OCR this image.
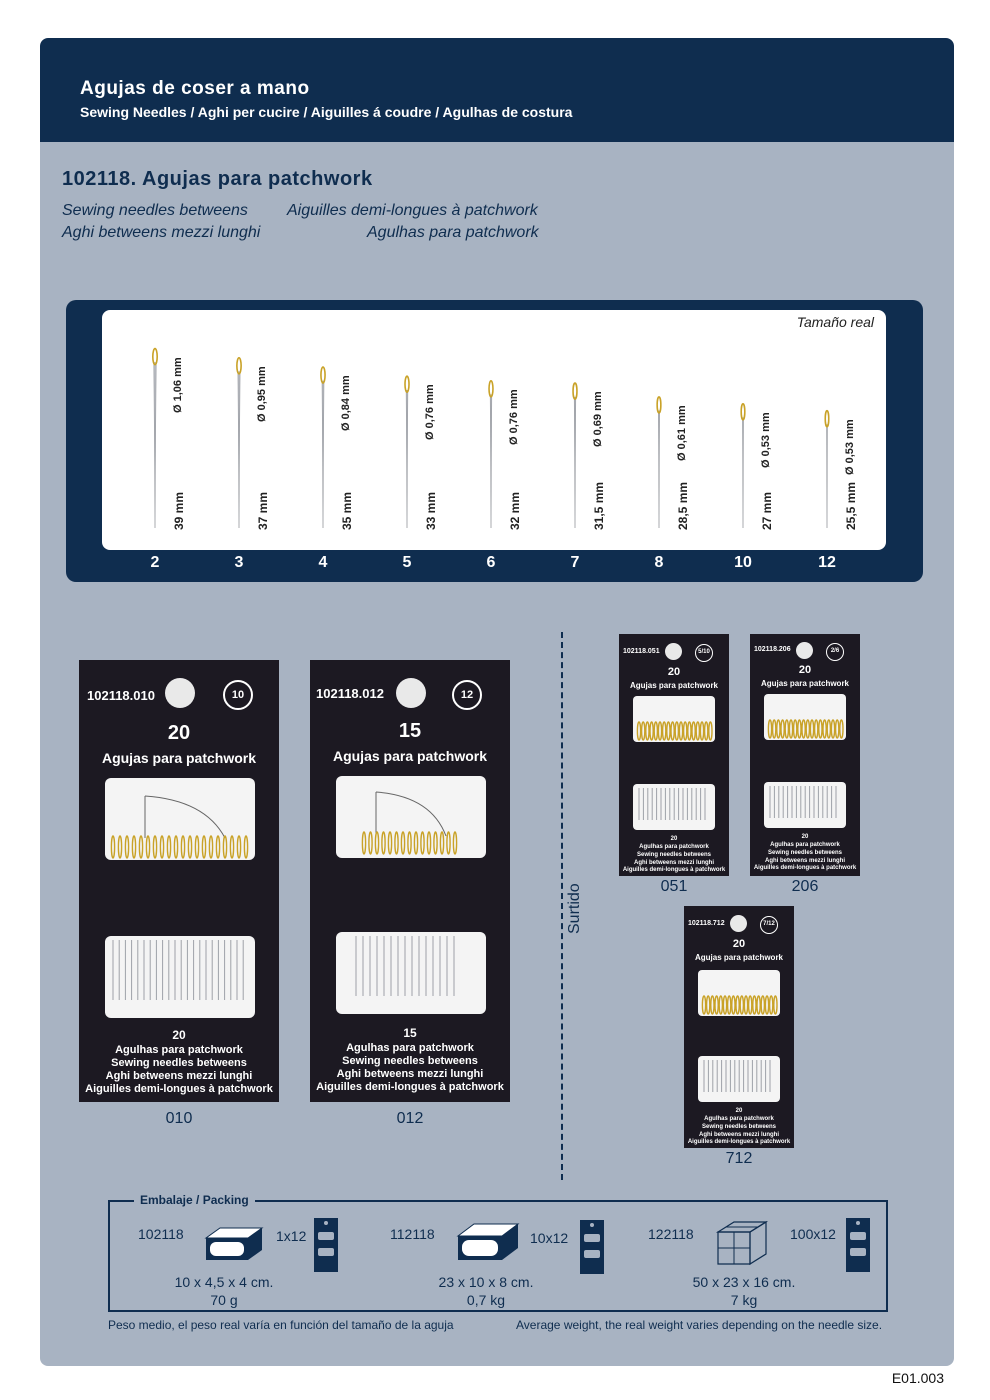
Agujas de coser a mano
Sewing Needles / Aghi per cucire / Aiguilles á coudre / Agulhas de costura
102118. Agujas para patchwork
Sewing needles betweens Aiguilles demi-longues à patchwork
Aghi betweens mezzi lunghi	Agulhas para patchwork
Tamaño real
Ø 1,06 mm
39 mm
Ø 0,95 mm
37 mm
Ø 0,84 mm
35 mm
Ø 0,76 mm
33 mm
Ø 0,76 mm
32 mm
Ø 0,69 mm
31,5 mm
Ø 0,61 mm
28,5 mm
Ø 0,53 mm
27 mm
Ø 0,53 mm
25,5 mm
2	3	4	5	6	7	8	10	12
102118.010	10
20
Agujas para patchwork
20
Agulhas para patchwork
Sewing needles betweens
Aghi betweens mezzi lunghi
Aiguilles demi-longues à patchwork
010
102118.012	12
15
Agujas para patchwork
15
Agulhas para patchwork
Sewing needles betweens
Aghi betweens mezzi lunghi
Aiguilles demi-longues à patchwork
012
Surtido
102118.051	5/10
20
Agujas para patchwork
20
Agulhas para patchwork
Sewing needles betweens
Aghi betweens mezzi lunghi
Aiguilles demi-longues à patchwork
051
102118.206	2/6
20
Agujas para patchwork
20
Agulhas para patchwork
Sewing needles betweens
Aghi betweens mezzi lunghi
Aiguilles demi-longues à patchwork
206
102118.712	7/12
20
Agujas para patchwork
20
Agulhas para patchwork
Sewing needles betweens
Aghi betweens mezzi lunghi
Aiguilles demi-longues à patchwork
712
Embalaje / Packing
102118	1x12
10 x 4,5 x 4 cm.
70 g
112118	10x12
23 x 10 x 8 cm.
0,7 kg
122118	100x12
50 x 23 x 16 cm.
7 kg
Peso medio, el peso real varía en función del tamaño de la aguja	Average weight, the real weight varies depending on the needle size.
E01.003
